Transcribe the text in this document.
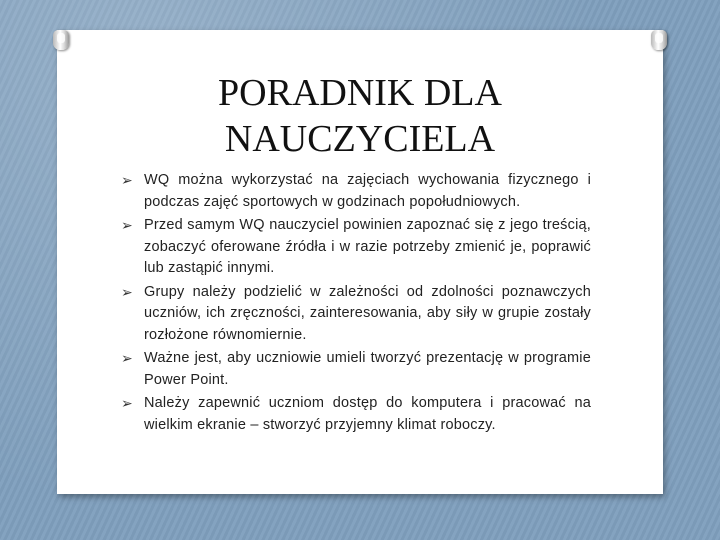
PORADNIK DLA
NAUCZYCIELA
➢ WQ można wykorzystać na zajęciach wychowania fizycznego i podczas zajęć sportowych w godzinach popołudniowych.
➢ Przed samym WQ nauczyciel powinien zapoznać się z jego treścią, zobaczyć oferowane źródła i w razie potrzeby zmienić je, poprawić lub zastąpić innymi.
➢ Grupy należy podzielić w zależności od zdolności poznawczych uczniów, ich zręczności, zainteresowania, aby siły w grupie zostały rozłożone równomiernie.
➢ Ważne jest, aby uczniowie umieli tworzyć prezentację w programie Power Point.
➢ Należy zapewnić uczniom dostęp do komputera i pracować na wielkim ekranie – stworzyć przyjemny klimat roboczy.
